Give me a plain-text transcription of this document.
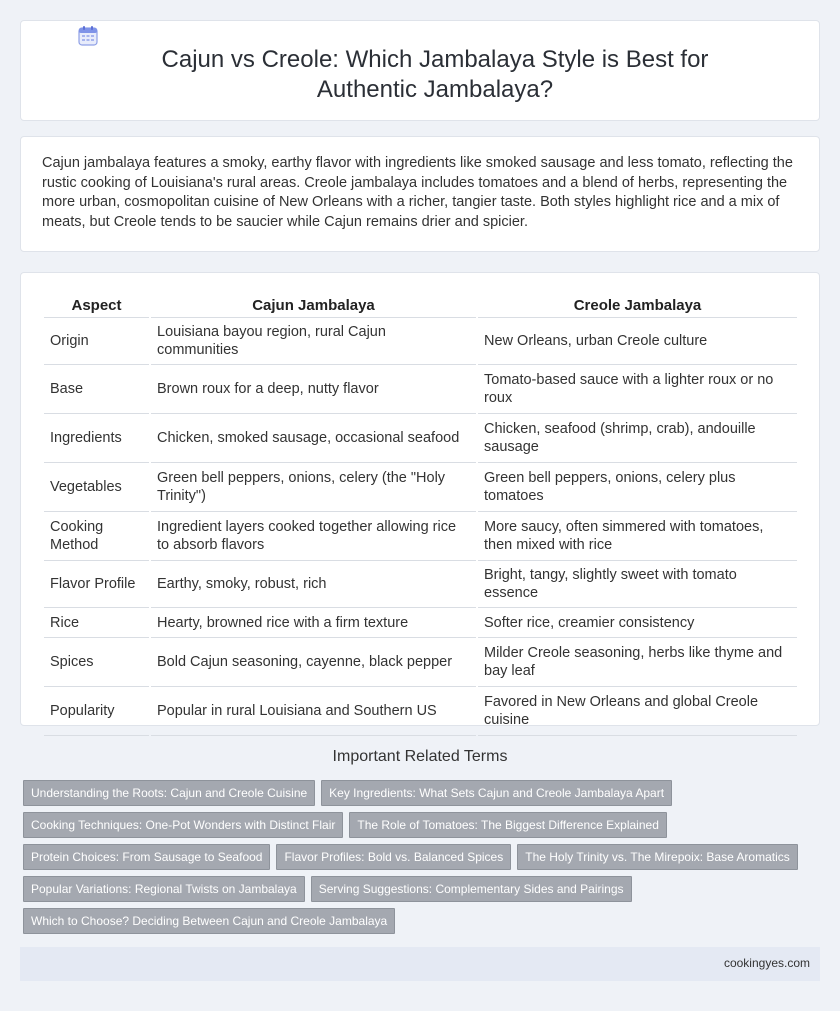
Cajun vs Creole: Which Jambalaya Style is Best for Authentic Jambalaya?

Cajun jambalaya features a smoky, earthy flavor with ingredients like smoked sausage and less tomato, reflecting the rustic cooking of Louisiana's rural areas. Creole jambalaya includes tomatoes and a blend of herbs, representing the more urban, cosmopolitan cuisine of New Orleans with a richer, tangier taste. Both styles highlight rice and a mix of meats, but Creole tends to be saucier while Cajun remains drier and spicier.

Aspect	Cajun Jambalaya	Creole Jambalaya
Origin	Louisiana bayou region, rural Cajun communities	New Orleans, urban Creole culture
Base	Brown roux for a deep, nutty flavor	Tomato-based sauce with a lighter roux or no roux
Ingredients	Chicken, smoked sausage, occasional seafood	Chicken, seafood (shrimp, crab), andouille sausage
Vegetables	Green bell peppers, onions, celery (the "Holy Trinity")	Green bell peppers, onions, celery plus tomatoes
Cooking Method	Ingredient layers cooked together allowing rice to absorb flavors	More saucy, often simmered with tomatoes, then mixed with rice
Flavor Profile	Earthy, smoky, robust, rich	Bright, tangy, slightly sweet with tomato essence
Rice	Hearty, browned rice with a firm texture	Softer rice, creamier consistency
Spices	Bold Cajun seasoning, cayenne, black pepper	Milder Creole seasoning, herbs like thyme and bay leaf
Popularity	Popular in rural Louisiana and Southern US	Favored in New Orleans and global Creole cuisine
Important Related Terms
Understanding the Roots: Cajun and Creole Cuisine Key Ingredients: What Sets Cajun and Creole Jambalaya Apart
Cooking Techniques: One-Pot Wonders with Distinct Flair The Role of Tomatoes: The Biggest Difference Explained
Protein Choices: From Sausage to Seafood Flavor Profiles: Bold vs. Balanced Spices The Holy Trinity vs. The Mirepoix: Base Aromatics
Popular Variations: Regional Twists on Jambalaya Serving Suggestions: Complementary Sides and Pairings
Which to Choose? Deciding Between Cajun and Creole Jambalaya
cookingyes.com
